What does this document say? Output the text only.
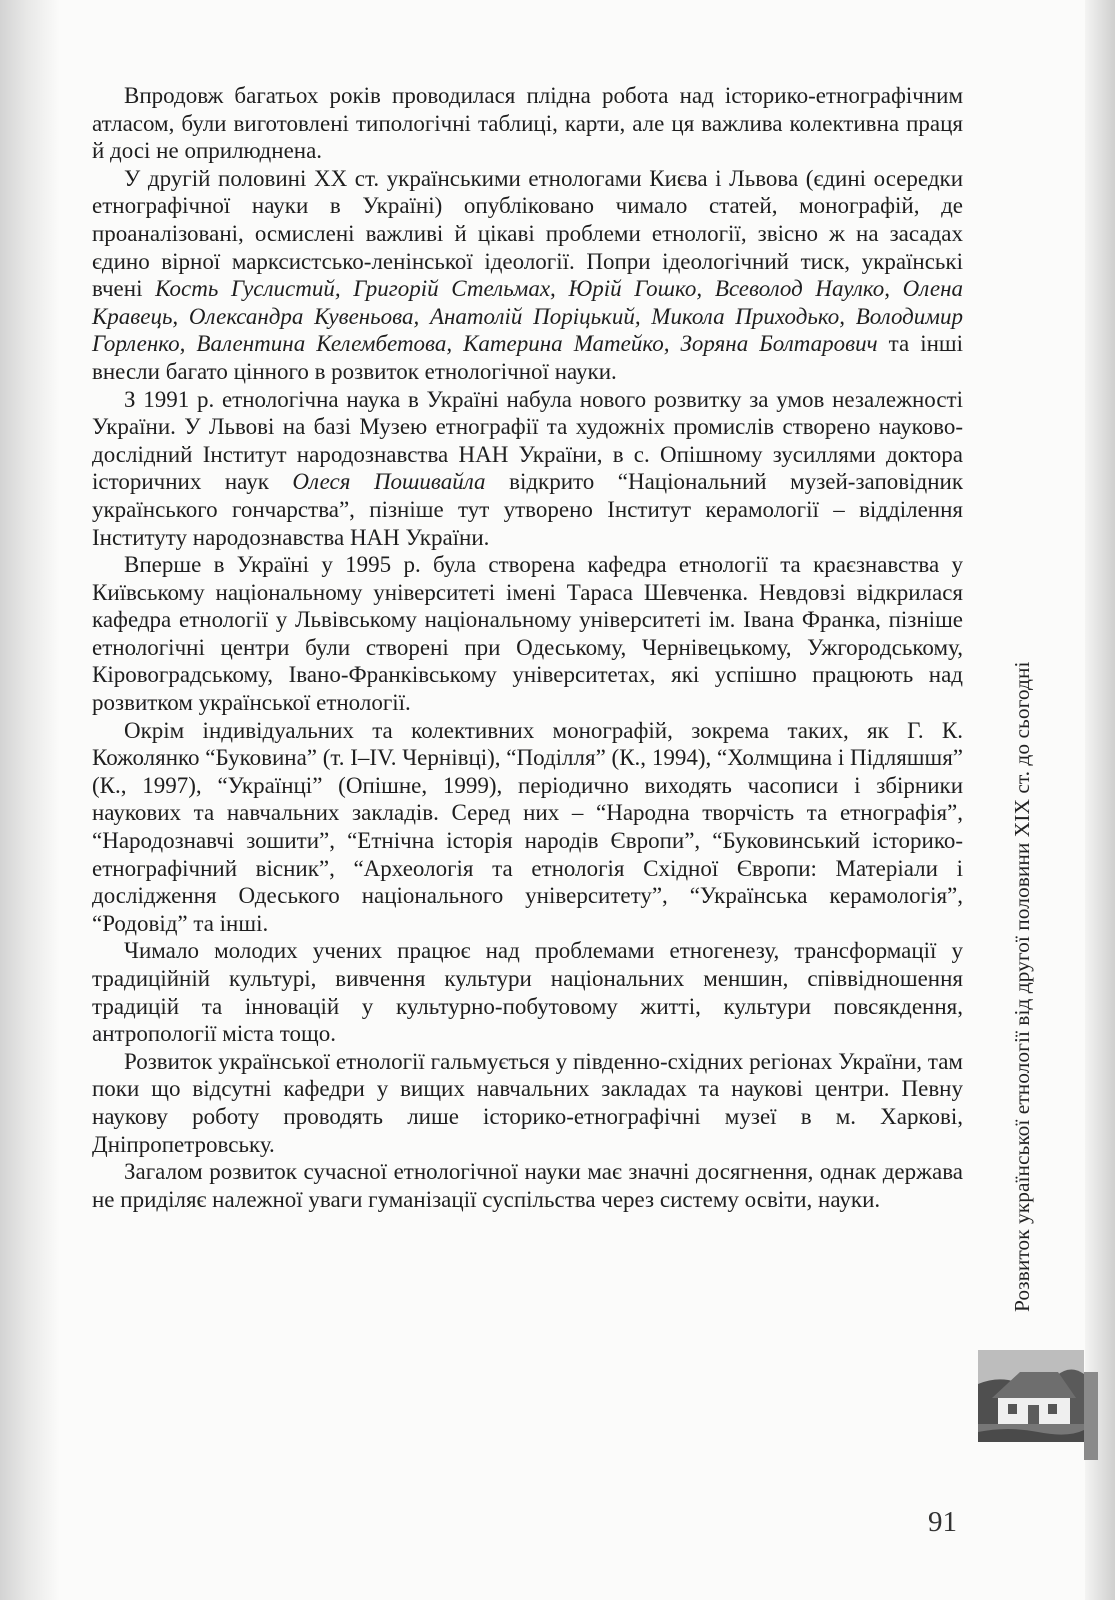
Впродовж багатьох років проводилася плідна робота над історико-етнографічним атласом, були виготовлені типологічні таблиці, карти, але ця важлива колективна праця й досі не оприлюднена.

У другій половині ХХ ст. українськими етнологами Києва і Львова (єдині осередки етнографічної науки в Україні) опубліковано чимало статей, монографій, де проаналізовані, осмислені важливі й цікаві проблеми етнології, звісно ж на засадах єдино вірної марксистсько-ленінської ідеології. Попри ідеологічний тиск, українські вчені Кость Гуслистий, Григорій Стельмах, Юрій Гошко, Всеволод Наулко, Олена Кравець, Олександра Кувеньова, Анатолій Поріцький, Микола Приходько, Володимир Горленко, Валентина Келембетова, Катерина Матейко, Зоряна Болтарович та інші внесли багато цінного в розвиток етнологічної науки.

З 1991 р. етнологічна наука в Україні набула нового розвитку за умов незалежності України. У Львові на базі Музею етнографії та художніх промислів створено науково-дослідний Інститут народознавства НАН України, в с. Опішному зусиллями доктора історичних наук Олеся Пошивайла відкрито “Національний музей-заповідник українського гончарства”, пізніше тут утворено Інститут керамології – відділення Інституту народознавства НАН України.

Вперше в Україні у 1995 р. була створена кафедра етнології та краєзнавства у Київському національному університеті імені Тараса Шевченка. Невдовзі відкрилася кафедра етнології у Львівському національному університеті ім. Івана Франка, пізніше етнологічні центри були створені при Одеському, Чернівецькому, Ужгородському, Кіровоградському, Івано-Франківському університетах, які успішно працюють над розвитком української етнології.

Окрім індивідуальних та колективних монографій, зокрема таких, як Г. К. Кожолянко “Буковина” (т. І–ІV. Чернівці), “Поділля” (К., 1994), “Холмщина і Підляшшя” (К., 1997), “Українці” (Опішне, 1999), періодично виходять часописи і збірники наукових та навчальних закладів. Серед них – “Народна творчість та етнографія”, “Народознавчі зошити”, “Етнічна історія народів Європи”, “Буковинський історико-етнографічний вісник”, “Археологія та етнологія Східної Європи: Матеріали і дослідження Одеського національного університету”, “Українська керамологія”, “Родовід” та інші.

Чимало молодих учених працює над проблемами етногенезу, трансформації у традиційній культурі, вивчення культури національних меншин, співвідношення традицій та інновацій у культурно-побутовому житті, культури повсякдення, антропології міста тощо.

Розвиток української етнології гальмується у південно-східних регіонах України, там поки що відсутні кафедри у вищих навчальних закладах та наукові центри. Певну наукову роботу проводять лише історико-етнографічні музеї в м. Харкові, Дніпропетровську.

Загалом розвиток сучасної етнологічної науки має значні досягнення, однак держава не приділяє належної уваги гуманізації суспільства через систему освіти, науки.	Розвиток української етнології від другої половини XIX ст. до сьогодні
91
